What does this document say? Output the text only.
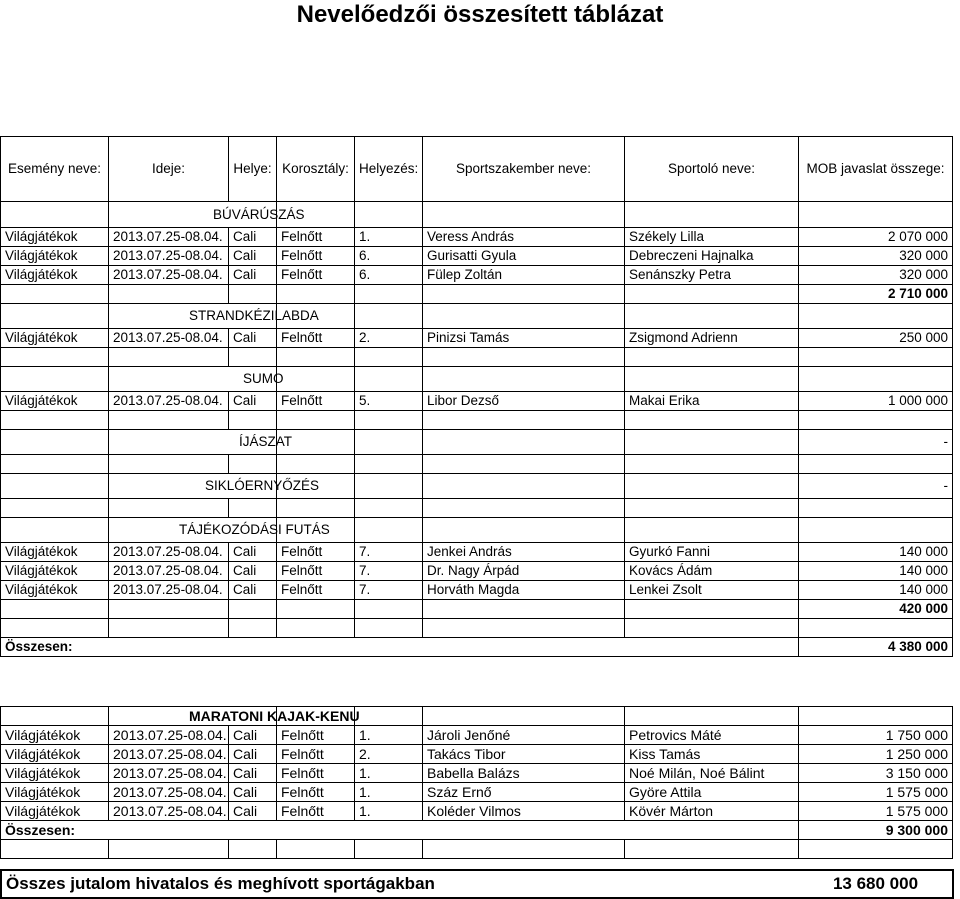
Nevelőedzői összesített táblázat
Esemény neve:	Ideje:	Helye:	Korosztály:	Helyezés:	Sportszakember neve:	Sportoló neve:	MOB javaslat összege:
	BÚVÁRÚSZÁS						
Világjátékok	2013.07.25-08.04.	Cali	Felnőtt	1.	Veress András	Székely Lilla	2 070 000
Világjátékok	2013.07.25-08.04.	Cali	Felnőtt	6.	Gurisatti Gyula	Debreczeni Hajnalka	320 000
Világjátékok	2013.07.25-08.04.	Cali	Felnőtt	6.	Fülep Zoltán	Senánszky Petra	320 000
							2 710 000
	STRANDKÉZILABDA						
Világjátékok	2013.07.25-08.04.	Cali	Felnőtt	2.	Pinizsi Tamás	Zsigmond Adrienn	250 000

	SUMO						
Világjátékok	2013.07.25-08.04.	Cali	Felnőtt	5.	Libor Dezső	Makai Erika	1 000 000

	ÍJÁSZAT						-

	SIKLÓERNYŐZÉS						-

	TÁJÉKOZÓDÁSI FUTÁS						
Világjátékok	2013.07.25-08.04.	Cali	Felnőtt	7.	Jenkei András	Gyurkó Fanni	140 000
Világjátékok	2013.07.25-08.04.	Cali	Felnőtt	7.	Dr. Nagy Árpád	Kovács Ádám	140 000
Világjátékok	2013.07.25-08.04.	Cali	Felnőtt	7.	Horváth Magda	Lenkei Zsolt	140 000
							420 000

Összesen:							4 380 000
	MARATONI KAJAK-KENU						
Világjátékok	2013.07.25-08.04.	Cali	Felnőtt	1.	Jároli Jenőné	Petrovics Máté	1 750 000
Világjátékok	2013.07.25-08.04.	Cali	Felnőtt	2.	Takács Tibor	Kiss Tamás	1 250 000
Világjátékok	2013.07.25-08.04.	Cali	Felnőtt	1.	Babella Balázs	Noé Milán, Noé Bálint	3 150 000
Világjátékok	2013.07.25-08.04.	Cali	Felnőtt	1.	Száz Ernő	Györe Attila	1 575 000
Világjátékok	2013.07.25-08.04.	Cali	Felnőtt	1.	Koléder Vilmos	Kövér Márton	1 575 000
Összesen:							9 300 000

Összes jutalom hivatalos és meghívott sportágakban	13 680 000
